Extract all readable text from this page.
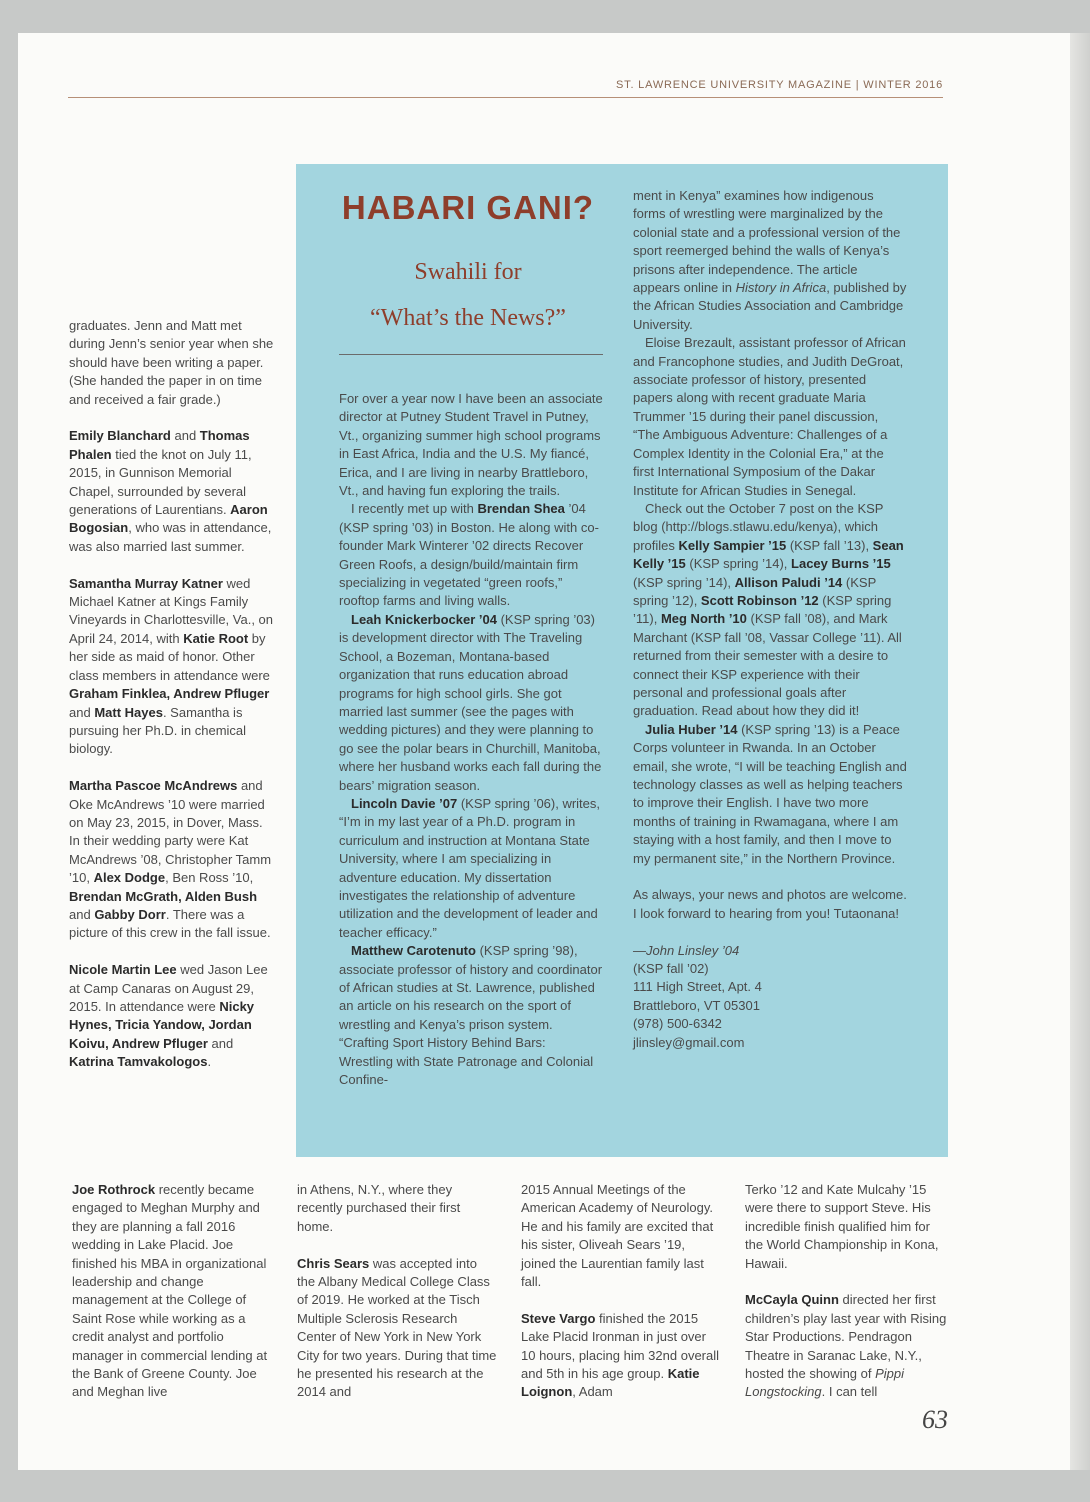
ST. LAWRENCE UNIVERSITY MAGAZINE | WINTER 2016

graduates. Jenn and Matt met during Jenn’s senior year when she should have been writing a paper. (She handed the paper in on time and received a fair grade.)

Emily Blanchard and Thomas Phalen tied the knot on July 11, 2015, in Gunnison Memorial Chapel, surrounded by several generations of Laurentians. Aaron Bogosian, who was in attendance, was also married last summer.

Samantha Murray Katner wed Michael Katner at Kings Family Vineyards in Charlottesville, Va., on April 24, 2014, with Katie Root by her side as maid of honor. Other class members in attendance were Graham Finklea, Andrew Pfluger and Matt Hayes. Samantha is pursuing her Ph.D. in chemical biology.

Martha Pascoe McAndrews and Oke McAndrews ’10 were married on May 23, 2015, in Dover, Mass. In their wedding party were Kat McAndrews ’08, Christopher Tamm ’10, Alex Dodge, Ben Ross ’10, Brendan McGrath, Alden Bush and Gabby Dorr. There was a picture of this crew in the fall issue.

Nicole Martin Lee wed Jason Lee at Camp Canaras on August 29, 2015. In attendance were Nicky Hynes, Tricia Yandow, Jordan Koivu, Andrew Pfluger and Katrina Tamvakologos.

HABARI GANI?
Swahili for
“What’s the News?”

For over a year now I have been an associate director at Putney Student Travel in Putney, Vt., organizing summer high school programs in East Africa, India and the U.S. My fiancé, Erica, and I are living in nearby Brattleboro, Vt., and having fun exploring the trails.

I recently met up with Brendan Shea ’04 (KSP spring ’03) in Boston. He along with co-founder Mark Winterer ’02 directs Recover Green Roofs, a design/build/maintain firm specializing in vegetated “green roofs,” rooftop farms and living walls.

Leah Knickerbocker ’04 (KSP spring ’03) is development director with The Traveling School, a Bozeman, Montana-based organization that runs education abroad programs for high school girls. She got married last summer (see the pages with wedding pictures) and they were planning to go see the polar bears in Churchill, Manitoba, where her husband works each fall during the bears’ migration season.

Lincoln Davie ’07 (KSP spring ’06), writes, “I’m in my last year of a Ph.D. program in curriculum and instruction at Montana State University, where I am specializing in adventure education. My dissertation investigates the relationship of adventure utilization and the development of leader and teacher efficacy.”

Matthew Carotenuto (KSP spring ’98), associate professor of history and coordinator of African studies at St. Lawrence, published an article on his research on the sport of wrestling and Kenya’s prison system. “Crafting Sport History Behind Bars: Wrestling with State Patronage and Colonial Confine-

ment in Kenya” examines how indigenous forms of wrestling were marginalized by the colonial state and a professional version of the sport reemerged behind the walls of Kenya’s prisons after independence. The article appears online in History in Africa, published by the African Studies Association and Cambridge University.

Eloise Brezault, assistant professor of African and Francophone studies, and Judith DeGroat, associate professor of history, presented papers along with recent graduate Maria Trummer ’15 during their panel discussion, “The Ambiguous Adventure: Challenges of a Complex Identity in the Colonial Era,” at the first International Symposium of the Dakar Institute for African Studies in Senegal.

Check out the October 7 post on the KSP blog (http://blogs.stlawu.edu/kenya), which profiles Kelly Sampier ’15 (KSP fall ’13), Sean Kelly ’15 (KSP spring ’14), Lacey Burns ’15 (KSP spring ’14), Allison Paludi ’14 (KSP spring ’12), Scott Robinson ’12 (KSP spring ’11), Meg North ’10 (KSP fall ’08), and Mark Marchant (KSP fall ’08, Vassar College ’11). All returned from their semester with a desire to connect their KSP experience with their personal and professional goals after graduation. Read about how they did it!

Julia Huber ’14 (KSP spring ’13) is a Peace Corps volunteer in Rwanda. In an October email, she wrote, “I will be teaching English and technology classes as well as helping teachers to improve their English. I have two more months of training in Rwamagana, where I am staying with a host family, and then I move to my permanent site,” in the Northern Province.

As always, your news and photos are welcome. I look forward to hearing from you! Tutaonana!

—John Linsley ’04
(KSP fall ’02)
111 High Street, Apt. 4
Brattleboro, VT 05301
(978) 500-6342
jlinsley@gmail.com

Joe Rothrock recently became engaged to Meghan Murphy and they are planning a fall 2016 wedding in Lake Placid. Joe finished his MBA in organizational leadership and change management at the College of Saint Rose while working as a credit analyst and portfolio manager in commercial lending at the Bank of Greene County. Joe and Meghan live

in Athens, N.Y., where they recently purchased their first home.

Chris Sears was accepted into the Albany Medical College Class of 2019. He worked at the Tisch Multiple Sclerosis Research Center of New York in New York City for two years. During that time he presented his research at the 2014 and

2015 Annual Meetings of the American Academy of Neurology. He and his family are excited that his sister, Oliveah Sears ’19, joined the Laurentian family last fall.

Steve Vargo finished the 2015 Lake Placid Ironman in just over 10 hours, placing him 32nd overall and 5th in his age group. Katie Loignon, Adam

Terko ’12 and Kate Mulcahy ’15 were there to support Steve. His incredible finish qualified him for the World Championship in Kona, Hawaii.

McCayla Quinn directed her first children’s play last year with Rising Star Productions. Pendragon Theatre in Saranac Lake, N.Y., hosted the showing of Pippi Longstocking. I can tell

63
